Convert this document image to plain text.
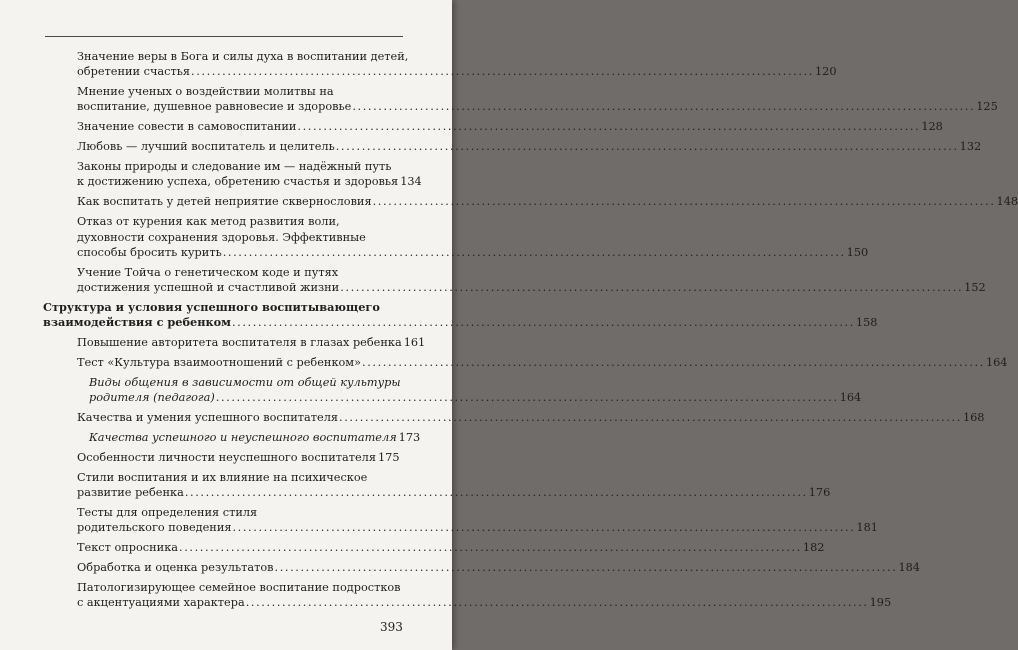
Значение веры в Бога и силы духа в воспитании детей,
обретении счастья ........................................................................................................................ 120
Мнение ученых о воздействии молитвы на
воспитание, душевное равновесие и здоровье ........................................................................................................................ 125
Значение совести в самовоспитании ........................................................................................................................ 128
Любовь — лучший воспитатель и целитель ........................................................................................................................ 132
Законы природы и следование им — надёжный путь
к достижению успеха, обретению счастья и здоровья 134
Как воспитать у детей неприятие сквернословия ........................................................................................................................ 148
Отказ от курения как метод развития воли,
духовности сохранения здоровья. Эффективные
способы бросить курить ........................................................................................................................ 150
Учение Тойча о генетическом коде и путях
достижения успешной и счастливой жизни ........................................................................................................................ 152
Структура и условия успешного воспитывающего
взаимодействия с ребенком ........................................................................................................................ 158
Повышение авторитета воспитателя в глазах ребенка 161
Тест «Культура взаимоотношений с ребенком» ........................................................................................................................ 164
Виды общения в зависимости от общей культуры
родителя (педагога) ........................................................................................................................ 164
Качества и умения успешного воспитателя ........................................................................................................................ 168
Качества успешного и неуспешного воспитателя 173
Особенности личности неуспешного воспитателя 175
Стили воспитания и их влияние на психическое
развитие ребенка ........................................................................................................................ 176
Тесты для определения стиля
родительского поведения ........................................................................................................................ 181
Текст опросника ........................................................................................................................ 182
Обработка и оценка результатов ........................................................................................................................ 184
Патологизирующее семейное воспитание подростков
с акцентуациями характера ........................................................................................................................ 195
393
